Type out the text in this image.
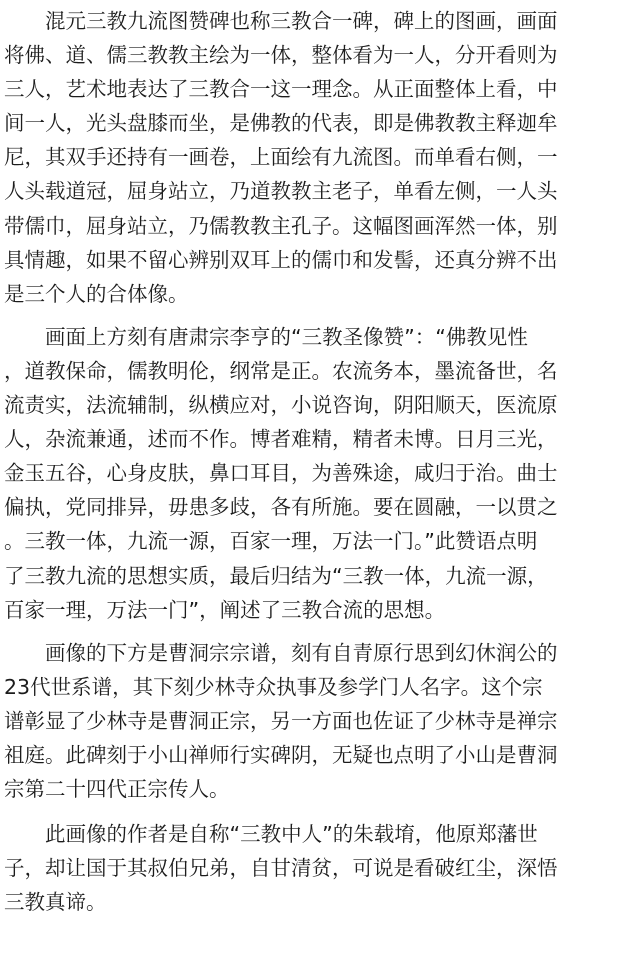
　　混元三教九流图赞碑也称三教合一碑，碑上的图画，画面
将佛、道、儒三教教主绘为一体，整体看为一人，分开看则为
三人，艺术地表达了三教合一这一理念。从正面整体上看，中
间一人，光头盘膝而坐，是佛教的代表，即是佛教教主释迦牟
尼，其双手还持有一画卷，上面绘有九流图。而单看右侧，一
人头载道冠，屈身站立，乃道教教主老子，单看左侧，一人头
带儒巾，屈身站立，乃儒教教主孔子。这幅图画浑然一体，别
具情趣，如果不留心辨别双耳上的儒巾和发髻，还真分辨不出
是三个人的合体像。

　　画面上方刻有唐肃宗李亨的“三教圣像赞”：“佛教见性
，道教保命，儒教明伦，纲常是正。农流务本，墨流备世，名
流责实，法流辅制，纵横应对，小说咨询，阴阳顺天，医流原
人，杂流兼通，述而不作。博者难精，精者未博。日月三光，
金玉五谷，心身皮肤，鼻口耳目，为善殊途，咸归于治。曲士
偏执，党同排异，毋患多歧，各有所施。要在圆融，一以贯之
。三教一体，九流一源，百家一理，万法一门。”此赞语点明
了三教九流的思想实质，最后归结为“三教一体，九流一源，
百家一理，万法一门”，阐述了三教合流的思想。

　　画像的下方是曹洞宗宗谱，刻有自青原行思到幻休润公的
23代世系谱，其下刻少林寺众执事及参学门人名字。这个宗
谱彰显了少林寺是曹洞正宗，另一方面也佐证了少林寺是禅宗
祖庭。此碑刻于小山禅师行实碑阴，无疑也点明了小山是曹洞
宗第二十四代正宗传人。

　　此画像的作者是自称“三教中人”的朱载堉，他原郑藩世
子，却让国于其叔伯兄弟，自甘清贫，可说是看破红尘，深悟
三教真谛。
